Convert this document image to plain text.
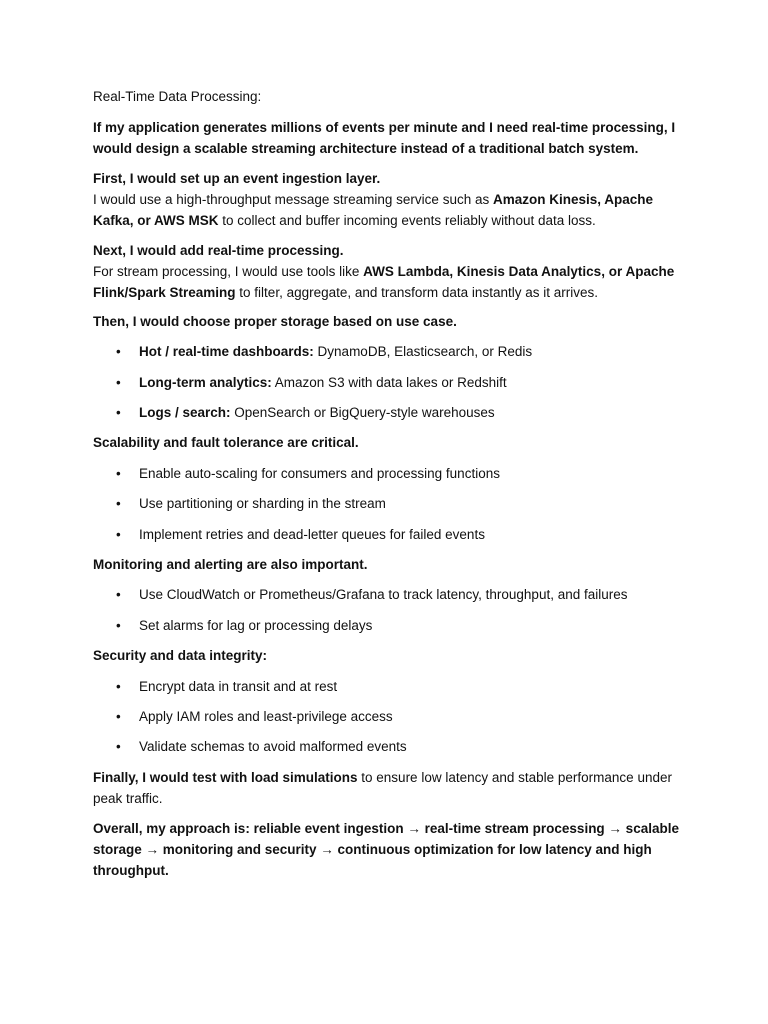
Real-Time Data Processing:

If my application generates millions of events per minute and I need real-time processing, I would design a scalable streaming architecture instead of a traditional batch system.

First, I would set up an event ingestion layer.

I would use a high-throughput message streaming service such as Amazon Kinesis, Apache Kafka, or AWS MSK to collect and buffer incoming events reliably without data loss.

Next, I would add real-time processing.

For stream processing, I would use tools like AWS Lambda, Kinesis Data Analytics, or Apache Flink/Spark Streaming to filter, aggregate, and transform data instantly as it arrives.

Then, I would choose proper storage based on use case.

•	Hot / real-time dashboards: DynamoDB, Elasticsearch, or Redis
•	Long-term analytics: Amazon S3 with data lakes or Redshift
•	Logs / search: OpenSearch or BigQuery-style warehouses

Scalability and fault tolerance are critical.

•	Enable auto-scaling for consumers and processing functions
•	Use partitioning or sharding in the stream
•	Implement retries and dead-letter queues for failed events

Monitoring and alerting are also important.

•	Use CloudWatch or Prometheus/Grafana to track latency, throughput, and failures
•	Set alarms for lag or processing delays

Security and data integrity:

•	Encrypt data in transit and at rest
•	Apply IAM roles and least-privilege access
•	Validate schemas to avoid malformed events

Finally, I would test with load simulations to ensure low latency and stable performance under peak traffic.

Overall, my approach is: reliable event ingestion → real-time stream processing → scalable storage → monitoring and security → continuous optimization for low latency and high throughput.
